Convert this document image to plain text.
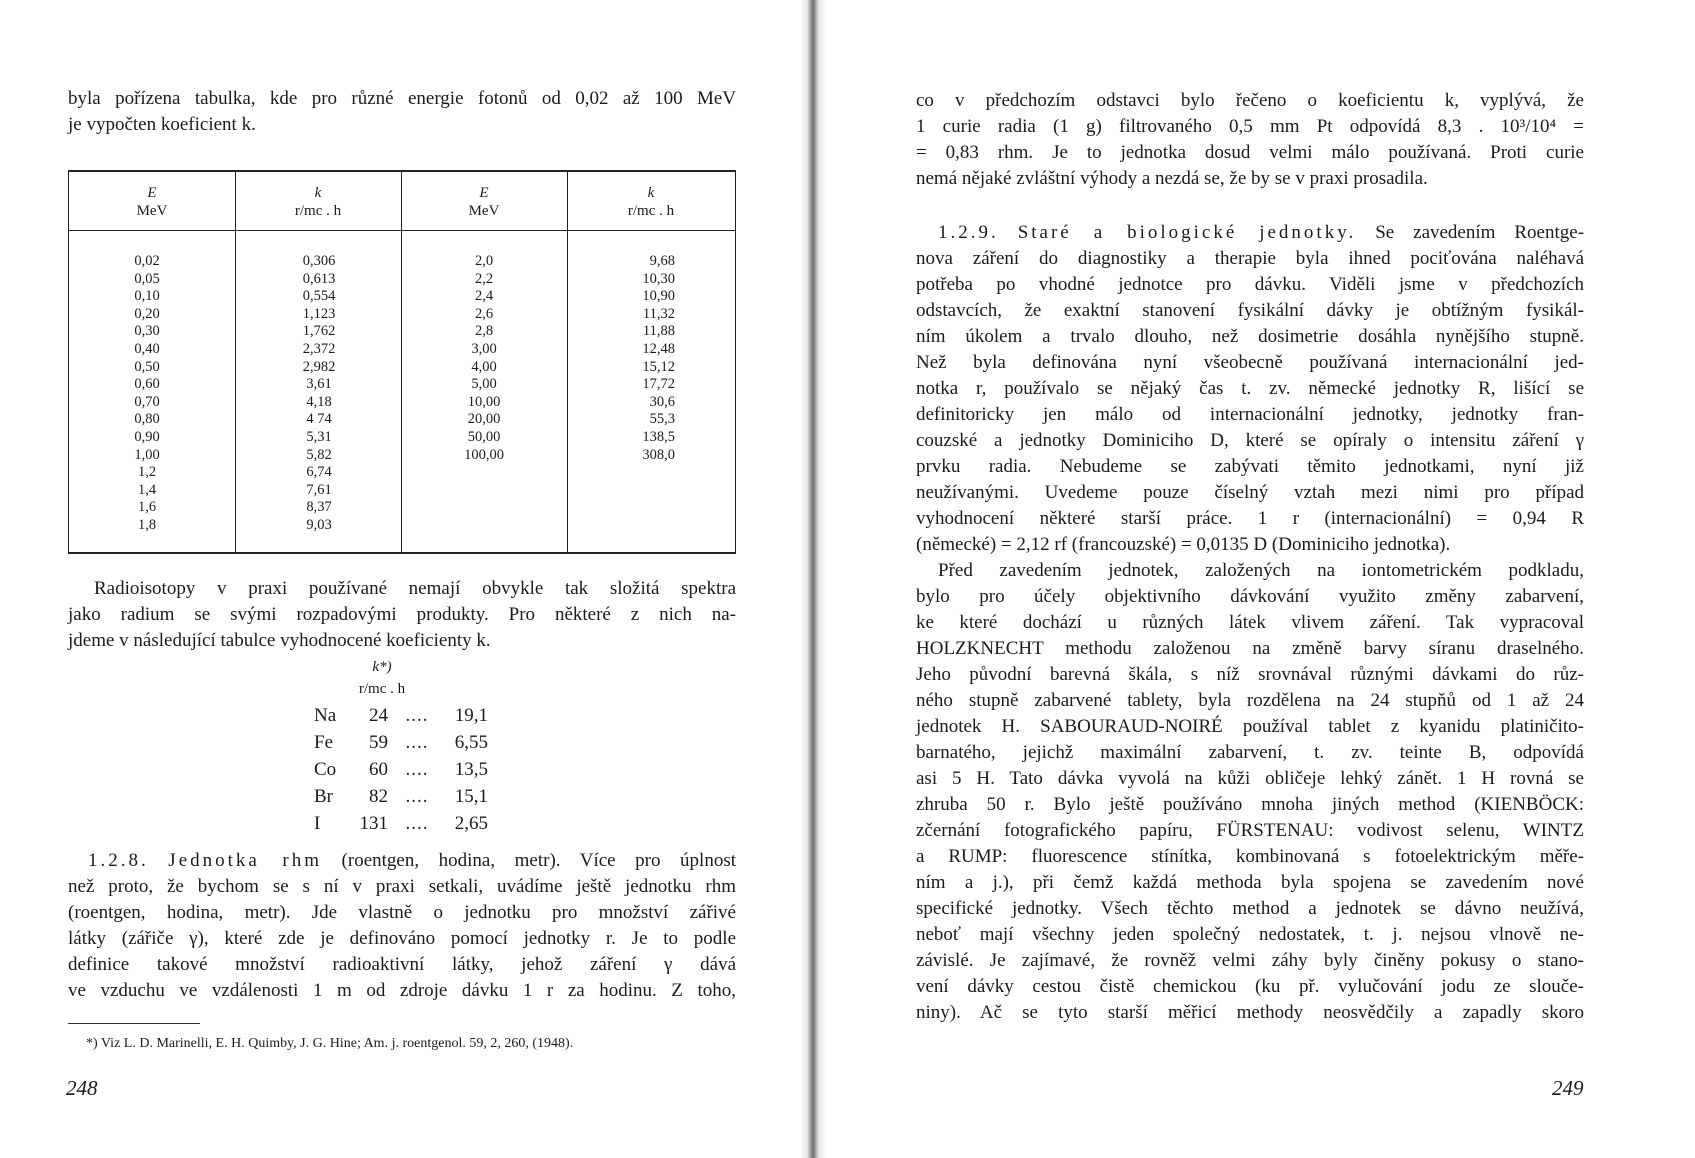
byla pořízena tabulka, kde pro různé energie fotonů od 0,02 až 100 MeV
je vypočten koeficient k.
E
MeV
k
r/mc . h
E
MeV
k
r/mc . h
0,02
0,05
0,10
0,20
0,30
0,40
0,50
0,60
0,70
0,80
0,90
1,00
1,2
1,4
1,6
1,8
0,306
0,613
0,554
1,123
1,762
2,372
2,982
3,61
4,18
4 74
5,31
5,82
6,74
7,61
8,37
9,03
2,0
2,2
2,4
2,6
2,8
3,00
4,00
5,00
10,00
20,00
50,00
100,00
9,68
10,30
10,90
11,32
11,88
12,48
15,12
17,72
30,6
55,3
138,5
308,0
Radioisotopy v praxi používané nemají obvykle tak složitá spektra
jako radium se svými rozpadovými produkty. Pro některé z nich na-
jdeme v následující tabulce vyhodnocené koeficienty k.
k*)
r/mc . h
Na 24 .... 19,1
Fe 59 .... 6,55
Co 60 .... 13,5
Br 82 .... 15,1
I 131 .... 2,65
1.2.8. Jednotka rhm (roentgen, hodina, metr). Více pro úplnost
než proto, že bychom se s ní v praxi setkali, uvádíme ještě jednotku rhm
(roentgen, hodina, metr). Jde vlastně o jednotku pro množství zářivé
látky (zářiče γ), které zde je definováno pomocí jednotky r. Je to podle
definice takové množství radioaktivní látky, jehož záření γ dává
ve vzduchu ve vzdálenosti 1 m od zdroje dávku 1 r za hodinu. Z toho,
*) Viz L. D. Marinelli, E. H. Quimby, J. G. Hine; Am. j. roentgenol. 59, 2, 260, (1948).
248
co v předchozím odstavci bylo řečeno o koeficientu k, vyplývá, že
1 curie radia (1 g) filtrovaného 0,5 mm Pt odpovídá 8,3 . 10³/10⁴ =
= 0,83 rhm. Je to jednotka dosud velmi málo používaná. Proti curie
nemá nějaké zvláštní výhody a nezdá se, že by se v praxi prosadila.
1.2.9. Staré a biologické jednotky. Se zavedením Roentge-
nova záření do diagnostiky a therapie byla ihned pociťována naléhavá
potřeba po vhodné jednotce pro dávku. Viděli jsme v předchozích
odstavcích, že exaktní stanovení fysikální dávky je obtížným fysikál-
ním úkolem a trvalo dlouho, než dosimetrie dosáhla nynějšího stupně.
Než byla definována nyní všeobecně používaná internacionální jed-
notka r, používalo se nějaký čas t. zv. německé jednotky R, lišící se
definitoricky jen málo od internacionální jednotky, jednotky fran-
couzské a jednotky Dominiciho D, které se opíraly o intensitu záření γ
prvku radia. Nebudeme se zabývati těmito jednotkami, nyní již
neužívanými. Uvedeme pouze číselný vztah mezi nimi pro případ
vyhodnocení některé starší práce. 1 r (internacionální) = 0,94 R
(německé) = 2,12 rf (francouzské) = 0,0135 D (Dominiciho jednotka).
Před zavedením jednotek, založených na iontometrickém podkladu,
bylo pro účely objektivního dávkování využito změny zabarvení,
ke které dochází u různých látek vlivem záření. Tak vypracoval
HOLZKNECHT methodu založenou na změně barvy síranu draselného.
Jeho původní barevná škála, s níž srovnával různými dávkami do růz-
ného stupně zabarvené tablety, byla rozdělena na 24 stupňů od 1 až 24
jednotek H. SABOURAUD-NOIRÉ používal tablet z kyanidu platiničito-
barnatého, jejichž maximální zabarvení, t. zv. teinte B, odpovídá
asi 5 H. Tato dávka vyvolá na kůži obličeje lehký zánět. 1 H rovná se
zhruba 50 r. Bylo ještě používáno mnoha jiných method (KIENBÖCK:
zčernání fotografického papíru, FÜRSTENAU: vodivost selenu, WINTZ
a RUMP: fluorescence stínítka, kombinovaná s fotoelektrickým měře-
ním a j.), při čemž každá methoda byla spojena se zavedením nové
specifické jednotky. Všech těchto method a jednotek se dávno neužívá,
neboť mají všechny jeden společný nedostatek, t. j. nejsou vlnově ne-
závislé. Je zajímavé, že rovněž velmi záhy byly činěny pokusy o stano-
vení dávky cestou čistě chemickou (ku př. vylučování jodu ze slouče-
niny). Ač se tyto starší měřicí methody neosvědčily a zapadly skoro
249
